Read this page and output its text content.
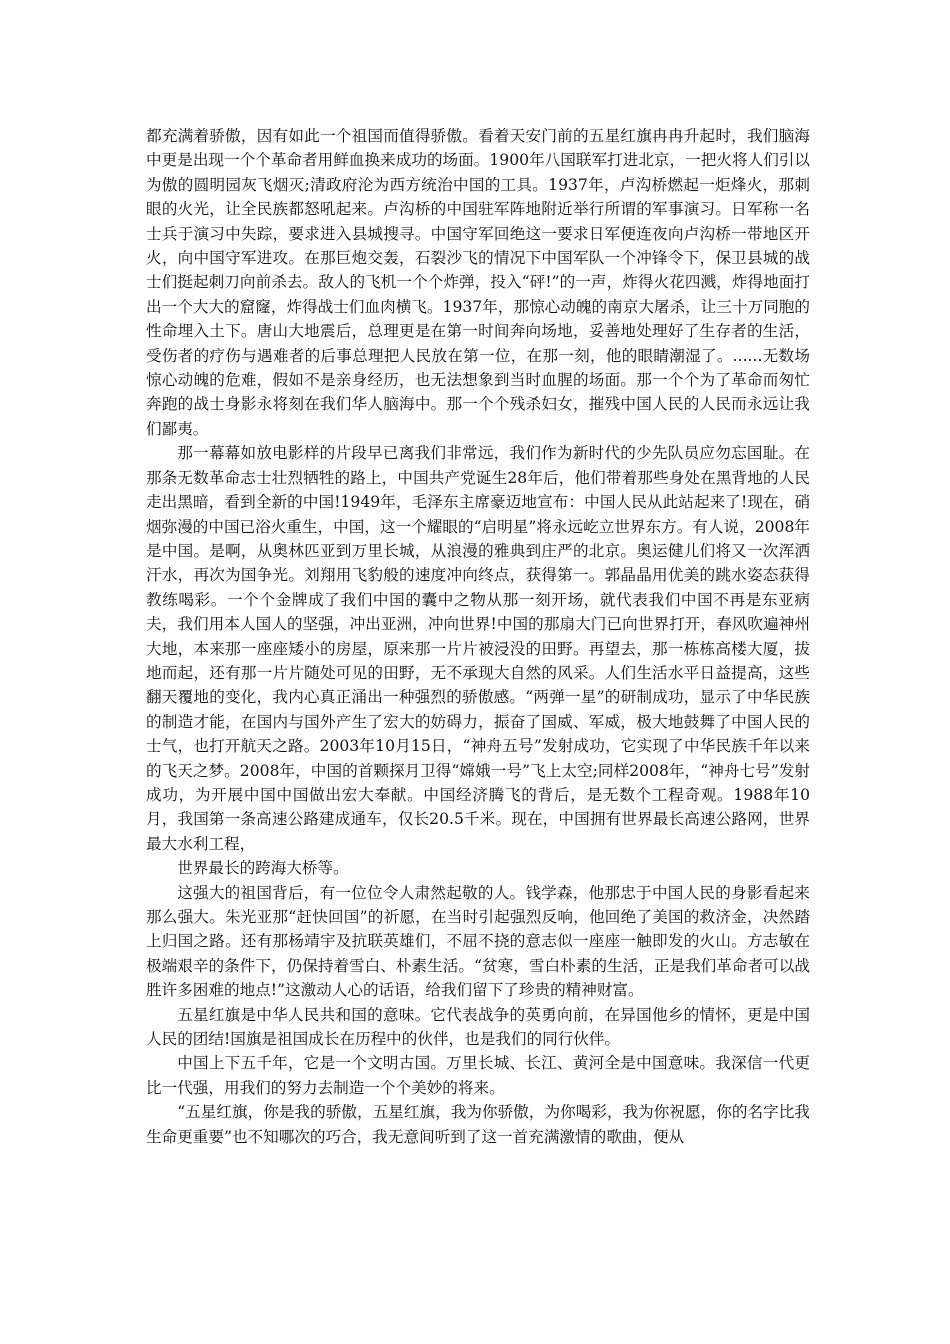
都充满着骄傲，因有如此一个祖国而值得骄傲。看着天安门前的五星红旗冉冉升起时，我们脑海中更是出现一个个革命者用鲜血换来成功的场面。1900年八国联军打进北京，一把火将人们引以为傲的圆明园灰飞烟灭;清政府沦为西方统治中国的工具。1937年，卢沟桥燃起一炬烽火，那刺眼的火光，让全民族都怒吼起来。卢沟桥的中国驻军阵地附近举行所谓的军事演习。日军称一名士兵于演习中失踪，要求进入县城搜寻。中国守军回绝这一要求日军便连夜向卢沟桥一带地区开火，向中国守军进攻。在那巨炮交轰，石裂沙飞的情况下中国军队一个冲锋令下，保卫县城的战士们挺起刺刀向前杀去。敌人的飞机一个个炸弹，投入“砰!”的一声，炸得火花四溅，炸得地面打出一个大大的窟窿，炸得战士们血肉横飞。1937年，那惊心动魄的南京大屠杀，让三十万同胞的性命埋入土下。唐山大地震后，总理更是在第一时间奔向场地，妥善地处理好了生存者的生活，受伤者的疗伤与遇难者的后事总理把人民放在第一位，在那一刻，他的眼睛潮湿了。......无数场惊心动魄的危难，假如不是亲身经历，也无法想象到当时血腥的场面。那一个个为了革命而匆忙奔跑的战士身影永将刻在我们华人脑海中。那一个个残杀妇女，摧残中国人民的人民而永远让我们鄙夷。

那一幕幕如放电影样的片段早已离我们非常远，我们作为新时代的少先队员应勿忘国耻。在那条无数革命志士壮烈牺牲的路上，中国共产党诞生28年后，他们带着那些身处在黑背地的人民走出黑暗，看到全新的中国!1949年，毛泽东主席豪迈地宣布：中国人民从此站起来了!现在，硝烟弥漫的中国已浴火重生，中国，这一个耀眼的“启明星”将永远屹立世界东方。有人说，2008年是中国。是啊，从奥林匹亚到万里长城，从浪漫的雅典到庄严的北京。奥运健儿们将又一次浑洒汗水，再次为国争光。刘翔用飞豹般的速度冲向终点，获得第一。郭晶晶用优美的跳水姿态获得教练喝彩。一个个金牌成了我们中国的囊中之物从那一刻开场，就代表我们中国不再是东亚病夫，我们用本人国人的坚强，冲出亚洲，冲向世界!中国的那扇大门已向世界打开，春风吹遍神州大地，本来那一座座矮小的房屋，原来那一片片被浸没的田野。再望去，那一栋栋高楼大厦，拔地而起，还有那一片片随处可见的田野，无不承现大自然的风采。人们生活水平日益提高，这些翻天覆地的变化，我内心真正涌出一种强烈的骄傲感。“两弹一星”的研制成功，显示了中华民族的制造才能，在国内与国外产生了宏大的妨碍力，振奋了国威、军威，极大地鼓舞了中国人民的士气，也打开航天之路。2003年10月15日，“神舟五号”发射成功，它实现了中华民族千年以来的飞天之梦。2008年，中国的首颗探月卫得“嫦娥一号”飞上太空;同样2008年，“神舟七号”发射成功，为开展中国中国做出宏大奉献。中国经济腾飞的背后，是无数个工程奇观。1988年10月，我国第一条高速公路建成通车，仅长20.5千米。现在，中国拥有世界最长高速公路网，世界最大水利工程，

世界最长的跨海大桥等。

这强大的祖国背后，有一位位令人肃然起敬的人。钱学森，他那忠于中国人民的身影看起来那么强大。朱光亚那“赶快回国”的祈愿，在当时引起强烈反响，他回绝了美国的救济金，决然踏上归国之路。还有那杨靖宇及抗联英雄们，不屈不挠的意志似一座座一触即发的火山。方志敏在极端艰辛的条件下，仍保持着雪白、朴素生活。“贫寒，雪白朴素的生活，正是我们革命者可以战胜许多困难的地点!”这激动人心的话语，给我们留下了珍贵的精神财富。

五星红旗是中华人民共和国的意味。它代表战争的英勇向前，在异国他乡的情怀，更是中国人民的团结!国旗是祖国成长在历程中的伙伴，也是我们的同行伙伴。

中国上下五千年，它是一个文明古国。万里长城、长江、黄河全是中国意味。我深信一代更比一代强，用我们的努力去制造一个个美妙的将来。

“五星红旗，你是我的骄傲，五星红旗，我为你骄傲，为你喝彩，我为你祝愿，你的名字比我生命更重要”也不知哪次的巧合，我无意间听到了这一首充满激情的歌曲，便从
